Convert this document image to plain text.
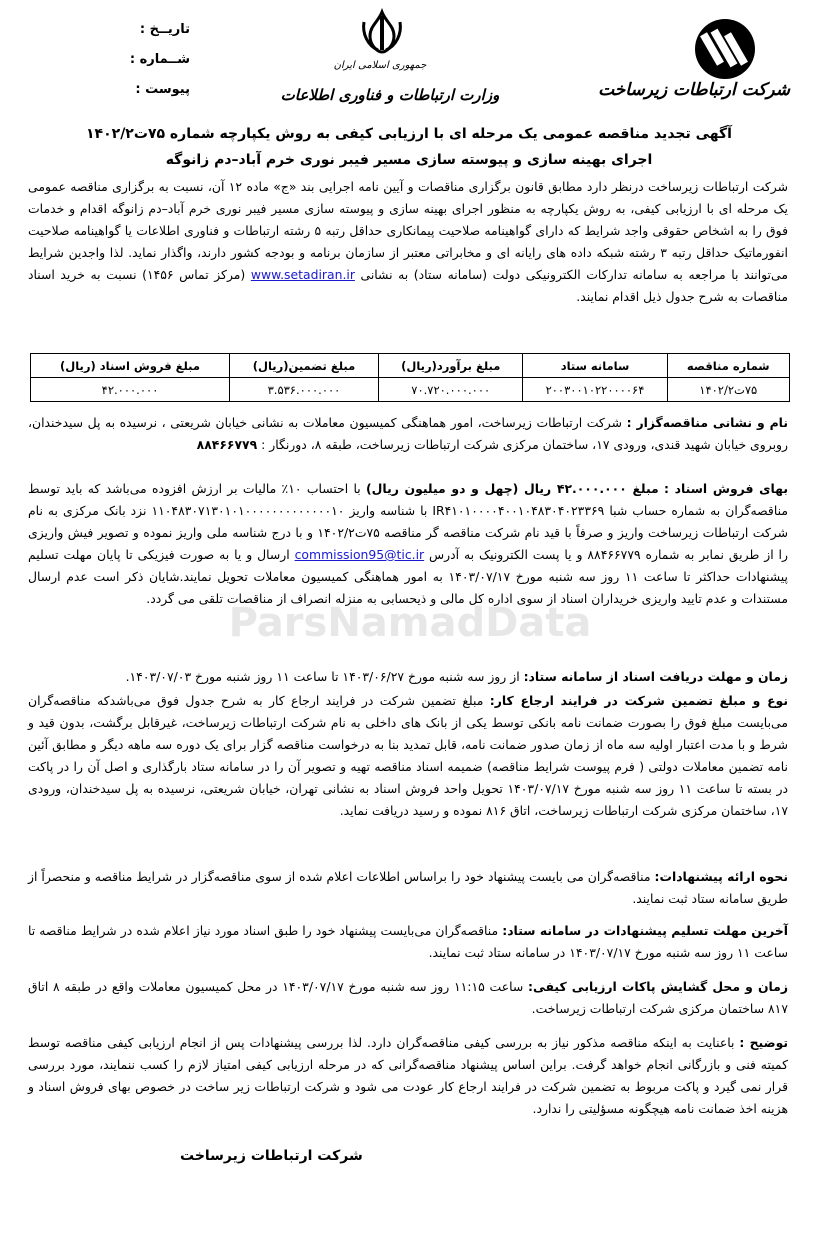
شرکت ارتباطات زیرساخت
جمهوری اسلامی ایران
وزارت ارتباطات و فناوری اطلاعات
تاریــخ :
شــماره :
پیوست :
آگهی تجدید مناقصه عمومی یک مرحله ای با ارزیابی کیفی به روش یکپارچه شماره ۷۵ت۱۴۰۲/۲
اجرای بهینه سازی و پیوسته سازی مسیر فیبر نوری خرم آباد–دم زانوگه
شرکت ارتباطات زیرساخت درنظر دارد مطابق قانون برگزاری مناقصات و آیین نامه اجرایی بند «ج» ماده ۱۲ آن، نسبت به برگزاری مناقصه عمومی یک مرحله ای با ارزیابی کیفی، به روش یکپارچه به منظور اجرای بهینه سازی و پیوسته سازی مسیر فیبر نوری خرم آباد–دم زانوگه اقدام و خدمات فوق را به اشخاص حقوقی واجد شرایط که دارای گواهینامه صلاحیت پیمانکاری حداقل رتبه ۵ رشته ارتباطات و فناوری اطلاعات یا گواهینامه صلاحیت انفورماتیک حداقل رتبه ۳ رشته شبکه داده های رایانه ای و مخابراتی معتبر از سازمان برنامه و بودجه کشور دارند، واگذار نماید. لذا واجدین شرایط می‌توانند با مراجعه به سامانه تدارکات الکترونیکی دولت (سامانه ستاد) به نشانی www.setadiran.ir (مرکز تماس ۱۴۵۶) نسبت به خرید اسناد مناقصات به شرح جدول ذیل اقدام نمایند.
شماره مناقصه	سامانه ستاد	مبلغ برآورد(ریال)	مبلغ تضمین(ریال)	مبلغ فروش اسناد (ریال)
۷۵ت۱۴۰۲/۲	۲۰۰۳۰۰۱۰۲۲۰۰۰۰۶۴	۷۰.۷۲۰.۰۰۰.۰۰۰	۳.۵۳۶.۰۰۰.۰۰۰	۴۲.۰۰۰.۰۰۰
نام و نشانی مناقصه‌گزار : شرکت ارتباطات زیرساخت، امور هماهنگی کمیسیون معاملات به نشانی خیابان شریعتی ، نرسیده به پل سیدخندان، روبروی خیابان شهید قندی، ورودی ۱۷، ساختمان مرکزی شرکت ارتباطات زیرساخت، طبقه ۸، دورنگار : ۸۸۴۶۶۷۷۹
بهای فروش اسناد : مبلغ ۴۲.۰۰۰.۰۰۰ ریال (چهل و دو میلیون ریال) با احتساب ۱۰٪ مالیات بر ارزش افزوده می‌باشد که باید توسط مناقصه‌گران به شماره حساب شبا IR۴۱۰۱۰۰۰۰۴۰۰۱۰۴۸۳۰۴۰۲۳۳۶۹ با شناسه واریز ۱۱۰۴۸۳۰۷۱۳۰۱۰۱۰۰۰۰۰۰۰۰۰۰۰۰۰۱۰ نزد بانک مرکزی به نام شرکت ارتباطات زیرساخت واریز و صرفاً با قید نام شرکت مناقصه گر مناقصه ۷۵ت۱۴۰۲/۲ و با درج شناسه ملی واریز نموده و تصویر فیش واریزی را از طریق نمابر به شماره ۸۸۴۶۶۷۷۹ و یا پست الکترونیک به آدرس commission95@tic.ir ارسال و یا به صورت فیزیکی تا پایان مهلت تسلیم پیشنهادات حداکثر تا ساعت ۱۱ روز سه شنبه مورخ ۱۴۰۳/۰۷/۱۷ به امور هماهنگی کمیسیون معاملات تحویل نمایند.شایان ذکر است عدم ارسال مستندات و عدم تایید واریزی خریداران اسناد از سوی اداره کل مالی و ذیحسابی به منزله انصراف از مناقصات تلقی می گردد.
زمان و مهلت دریافت اسناد از سامانه ستاد: از روز سه شنبه مورخ ۱۴۰۳/۰۶/۲۷ تا ساعت ۱۱ روز شنبه مورخ ۱۴۰۳/۰۷/۰۳.
نوع و مبلغ تضمین شرکت در فرایند ارجاع کار: مبلغ تضمین شرکت در فرایند ارجاع کار به شرح جدول فوق می‌باشدکه مناقصه‌گران می‌بایست مبلغ فوق را بصورت ضمانت نامه بانکی توسط یکی از بانک های داخلی به نام شرکت ارتباطات زیرساخت، غیرقابل برگشت، بدون قید و شرط و با مدت اعتبار اولیه سه ماه از زمان صدور ضمانت نامه، قابل تمدید بنا به درخواست مناقصه گزار برای یک دوره سه ماهه دیگر و مطابق آئین نامه تضمین معاملات دولتی ( فرم پیوست شرایط مناقصه) ضمیمه اسناد مناقصه تهیه و تصویر آن را در سامانه ستاد بارگذاری و اصل آن را در پاکت در بسته تا ساعت ۱۱ روز سه شنبه مورخ ۱۴۰۳/۰۷/۱۷ تحویل واحد فروش اسناد به نشانی تهران، خیابان شریعتی، نرسیده به پل سیدخندان، ورودی ۱۷، ساختمان مرکزی شرکت ارتباطات زیرساخت، اتاق ۸۱۶ نموده و رسید دریافت نماید.
نحوه ارائه پیشنهادات: مناقصه‌گران می بایست پیشنهاد خود را براساس اطلاعات اعلام شده از سوی مناقصه‌گزار در شرایط مناقصه و منحصراً از طریق سامانه ستاد ثبت نمایند.
آخرین مهلت تسلیم پیشنهادات در سامانه ستاد: مناقصه‌گران می‌بایست پیشنهاد خود را طبق اسناد مورد نیاز اعلام شده در شرایط مناقصه تا ساعت ۱۱ روز سه شنبه مورخ ۱۴۰۳/۰۷/۱۷ در سامانه ستاد ثبت نمایند.
زمان و محل گشایش پاکات ارزیابی کیفی: ساعت ۱۱:۱۵ روز سه شنبه مورخ ۱۴۰۳/۰۷/۱۷ در محل کمیسیون معاملات واقع در طبقه ۸ اتاق ۸۱۷ ساختمان مرکزی شرکت ارتباطات زیرساخت.
توضیح : باعنایت به اینکه مناقصه مذکور نیاز به بررسی کیفی مناقصه‌گران دارد. لذا بررسی پیشنهادات پس از انجام ارزیابی کیفی مناقصه توسط کمیته فنی و بازرگانی انجام خواهد گرفت. براین اساس پیشنهاد مناقصه‌گرانی که در مرحله ارزیابی کیفی امتیاز لازم را کسب ننمایند، مورد بررسی قرار نمی گیرد و پاکت مربوط به تضمین شرکت در فرایند ارجاع کار عودت می شود و شرکت ارتباطات زیر ساخت در خصوص بهای فروش اسناد و هزینه اخذ ضمانت نامه هیچگونه مسؤلیتی را ندارد.
شرکت ارتباطات زیرساخت
ParsNamadData
